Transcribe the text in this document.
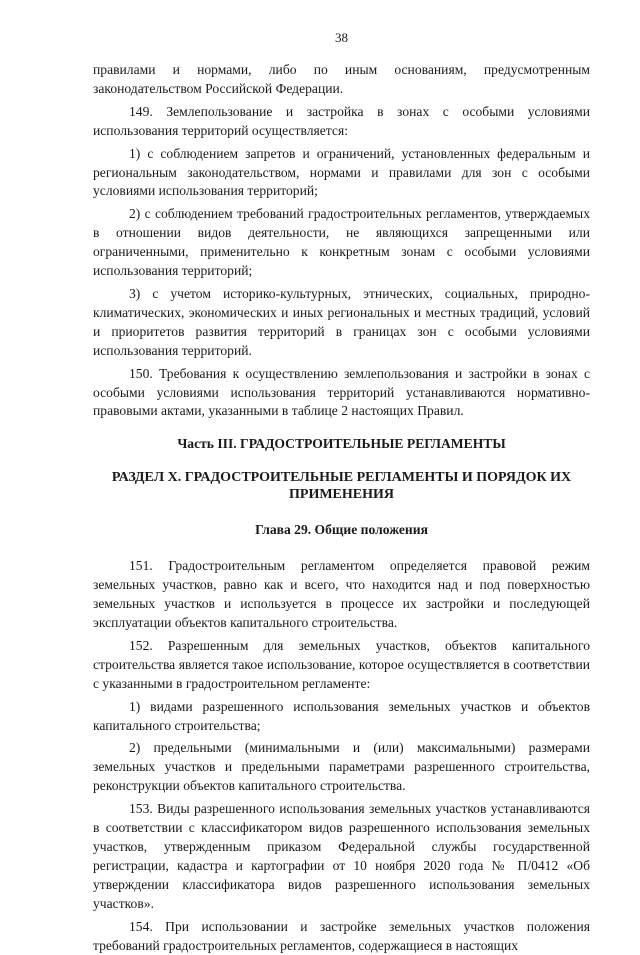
38

правилами и нормами, либо по иным основаниям, предусмотренным законодательством Российской Федерации.

149. Землепользование и застройка в зонах с особыми условиями использования территорий осуществляется:

1) с соблюдением запретов и ограничений, установленных федеральным и региональным законодательством, нормами и правилами для зон с особыми условиями использования территорий;

2) с соблюдением требований градостроительных регламентов, утверждаемых в отношении видов деятельности, не являющихся запрещенными или ограниченными, применительно к конкретным зонам с особыми условиями использования территорий;

3) с учетом историко-культурных, этнических, социальных, природно-климатических, экономических и иных региональных и местных традиций, условий и приоритетов развития территорий в границах зон с особыми условиями использования территорий.

150. Требования к осуществлению землепользования и застройки в зонах с особыми условиями использования территорий устанавливаются нормативно-правовыми актами, указанными в таблице 2 настоящих Правил.

Часть III. ГРАДОСТРОИТЕЛЬНЫЕ РЕГЛАМЕНТЫ
РАЗДЕЛ X. ГРАДОСТРОИТЕЛЬНЫЕ РЕГЛАМЕНТЫ И ПОРЯДОК ИХ ПРИМЕНЕНИЯ
Глава 29. Общие положения

151. Градостроительным регламентом определяется правовой режим земельных участков, равно как и всего, что находится над и под поверхностью земельных участков и используется в процессе их застройки и последующей эксплуатации объектов капитального строительства.

152. Разрешенным для земельных участков, объектов капитального строительства является такое использование, которое осуществляется в соответствии с указанными в градостроительном регламенте:

1) видами разрешенного использования земельных участков и объектов капитального строительства;

2) предельными (минимальными и (или) максимальными) размерами земельных участков и предельными параметрами разрешенного строительства, реконструкции объектов капитального строительства.

153. Виды разрешенного использования земельных участков устанавливаются в соответствии с классификатором видов разрешенного использования земельных участков, утвержденным приказом Федеральной службы государственной регистрации, кадастра и картографии от 10 ноября 2020 года № П/0412 «Об утверждении классификатора видов разрешенного использования земельных участков».

154. При использовании и застройке земельных участков положения требований градостроительных регламентов, содержащиеся в настоящих
